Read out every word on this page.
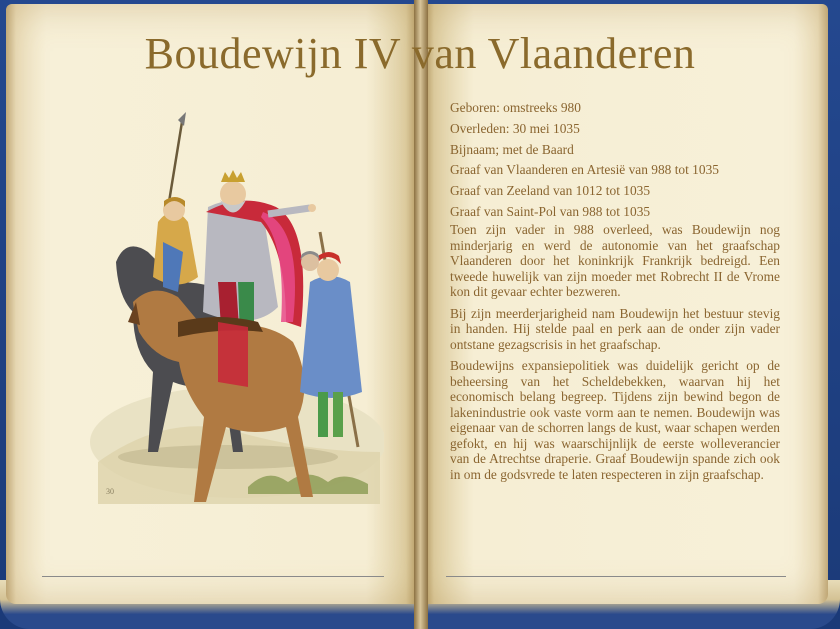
Boudewijn IV van Vlaanderen
30
Geboren: omstreeks 980
Overleden: 30 mei 1035
Bijnaam; met de Baard
Graaf van Vlaanderen en Artesië van 988 tot 1035
Graaf van Zeeland van 1012 tot 1035
Graaf van Saint-Pol van 988 tot 1035

Toen zijn vader in 988 overleed, was Boudewijn nog minderjarig en werd de autonomie van het graafschap Vlaanderen door het koninkrijk Frankrijk bedreigd. Een tweede huwelijk van zijn moeder met Robrecht II de Vrome kon dit gevaar echter bezweren.

Bij zijn meerderjarigheid nam Boudewijn het bestuur stevig in handen. Hij stelde paal en perk aan de onder zijn vader ontstane gezagscrisis in het graafschap.

Boudewijns expansiepolitiek was duidelijk gericht op de beheersing van het Scheldebekken, waarvan hij het economisch belang begreep. Tijdens zijn bewind begon de lakenindustrie ook vaste vorm aan te nemen. Boudewijn was eigenaar van de schorren langs de kust, waar schapen werden gefokt, en hij was waarschijnlijk de eerste wolleverancier van de Atrechtse draperie. Graaf Boudewijn spande zich ook in om de godsvrede te laten respecteren in zijn graafschap.
